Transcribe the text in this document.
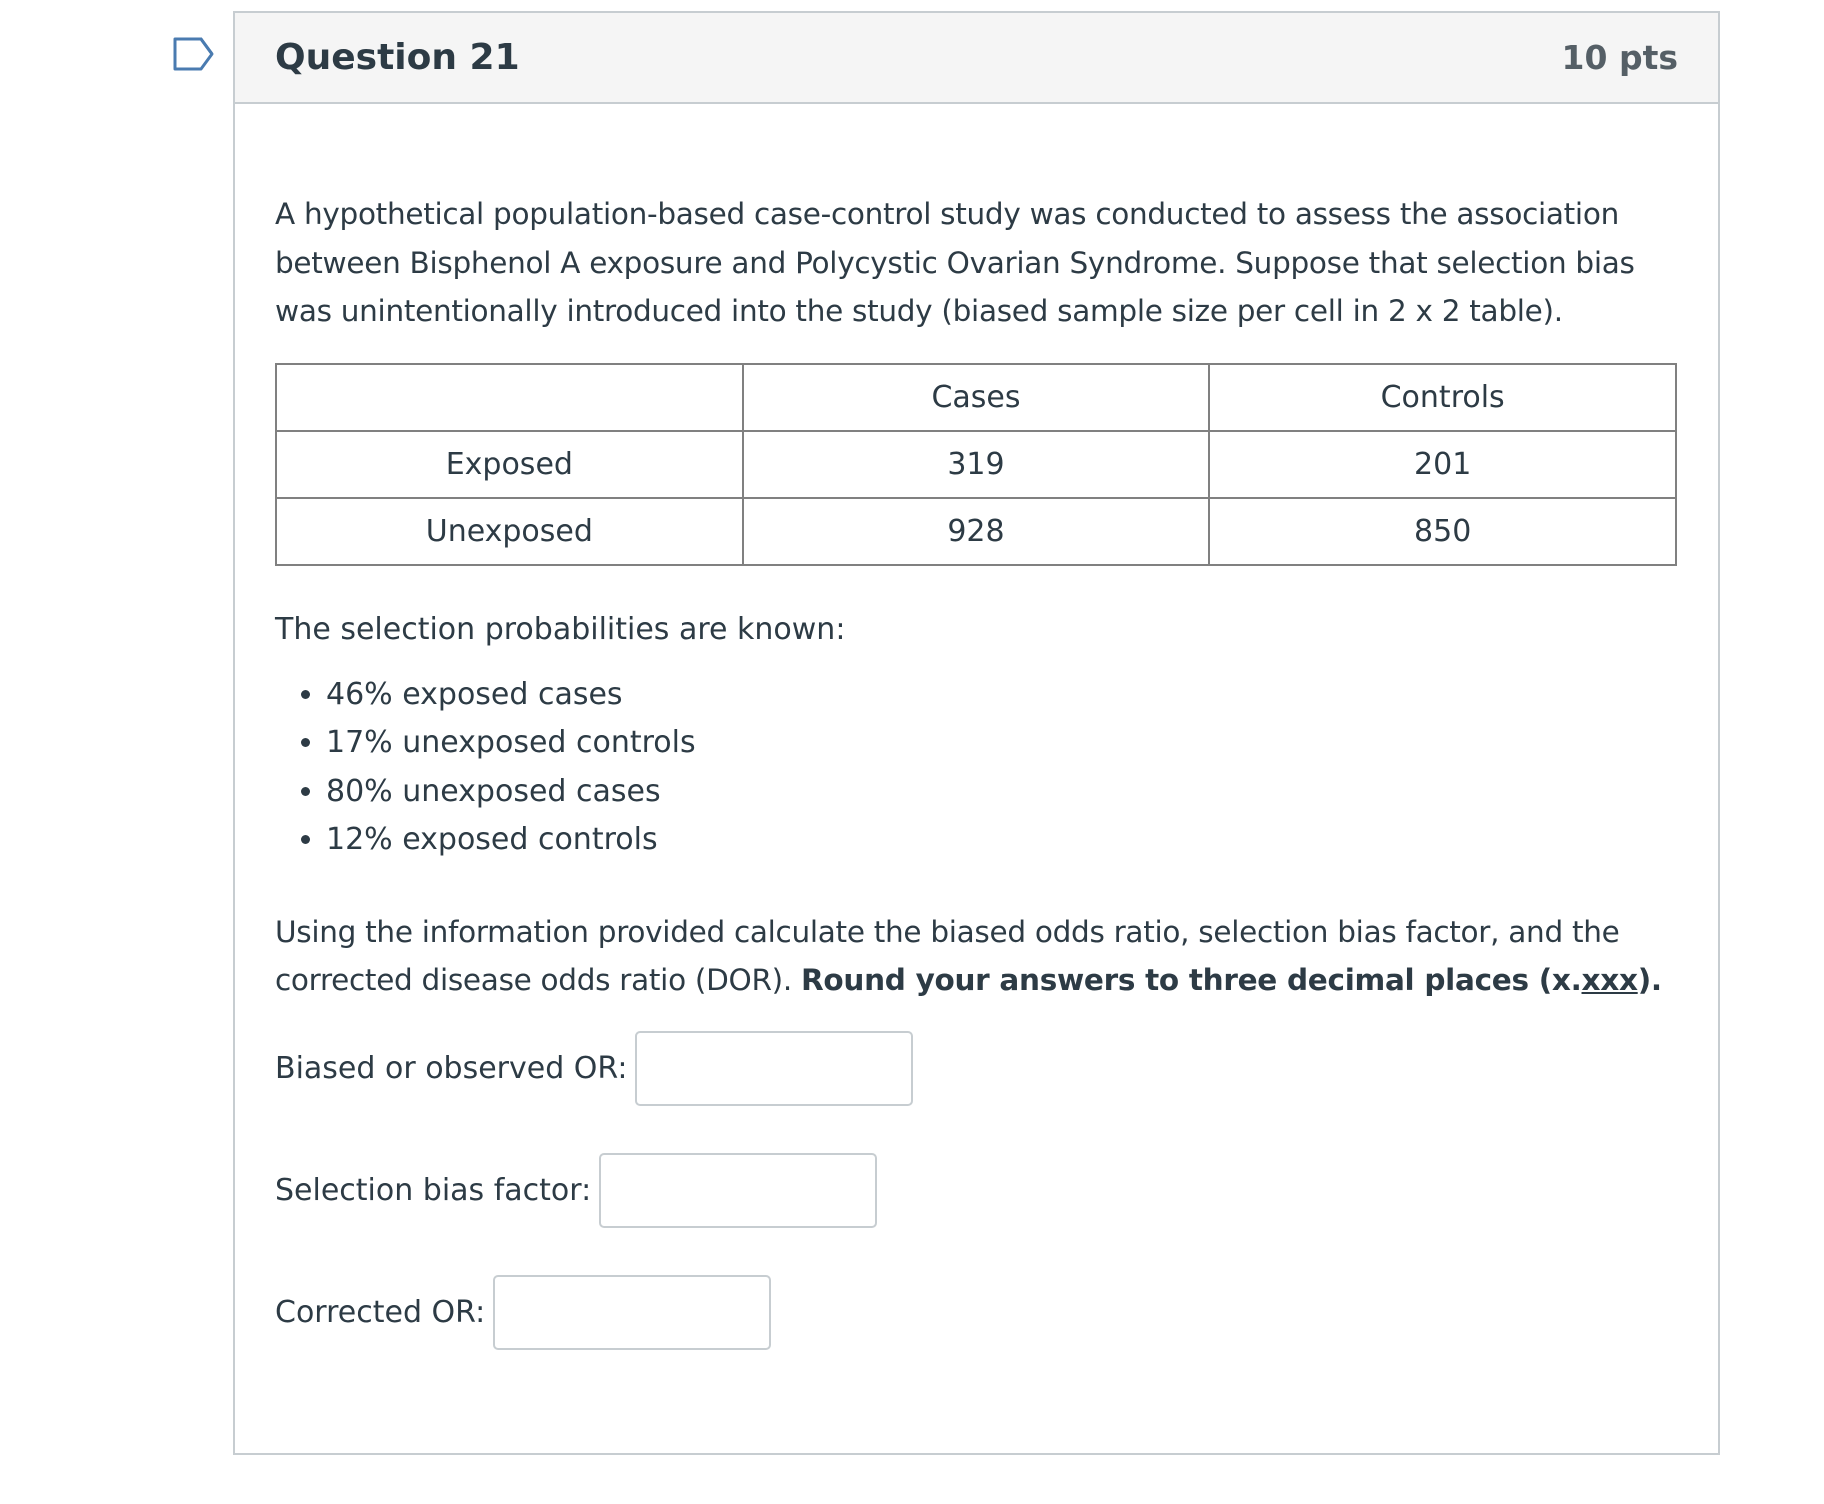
Question 21	10 pts

A hypothetical population-based case-control study was conducted to assess the association between Bisphenol A exposure and Polycystic Ovarian Syndrome. Suppose that selection bias was unintentionally introduced into the study (biased sample size per cell in 2 x 2 table).

	Cases	Controls
Exposed	319	201
Unexposed	928	850

The selection probabilities are known:

• 46% exposed cases
• 17% unexposed controls
• 80% unexposed cases
• 12% exposed controls

Using the information provided calculate the biased odds ratio, selection bias factor, and the corrected disease odds ratio (DOR). Round your answers to three decimal places (x.xxx).

Biased or observed OR:
Selection bias factor:
Corrected OR:
